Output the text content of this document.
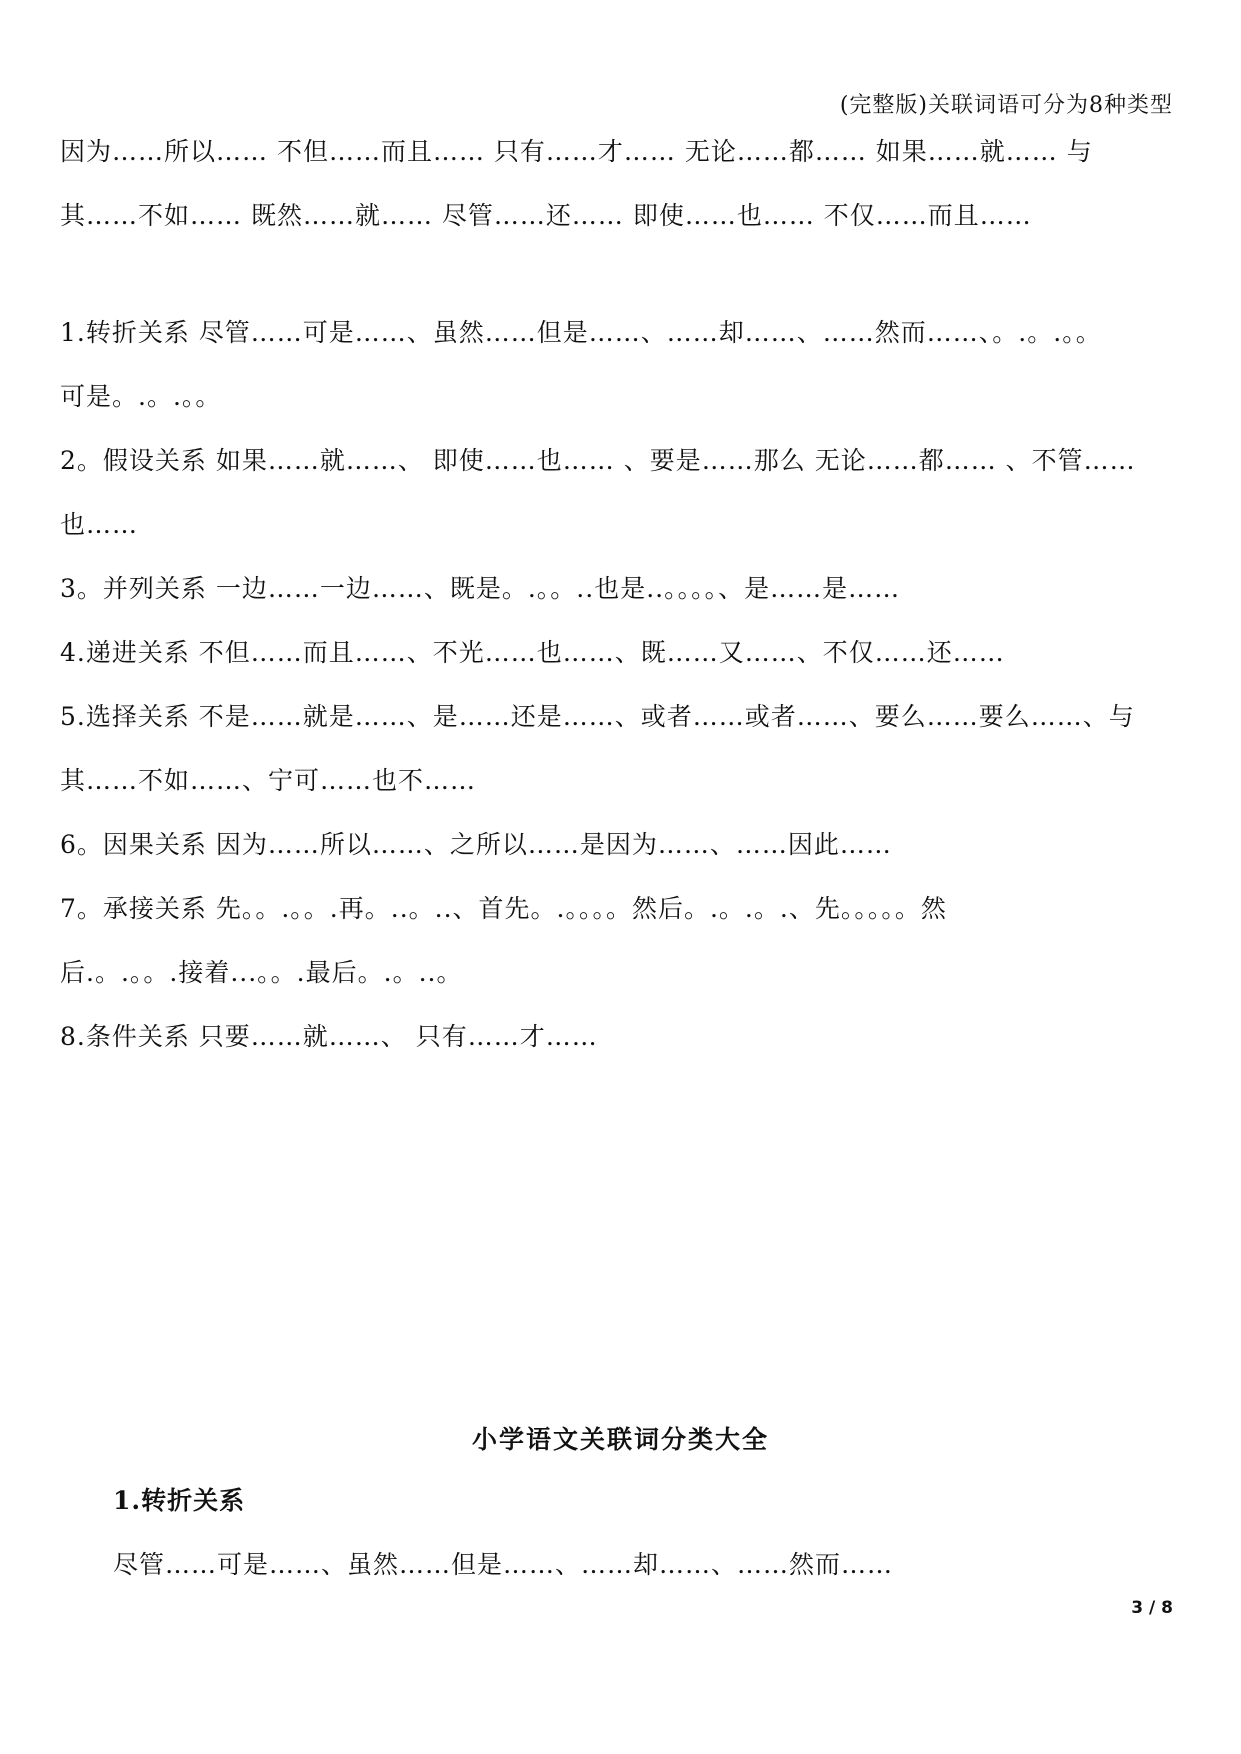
(完整版)关联词语可分为8种类型
因为……所以…… 不但……而且…… 只有……才…… 无论……都…… 如果……就…… 与
其……不如…… 既然……就…… 尽管……还…… 即使……也…… 不仅……而且……
1.转折关系 尽管……可是……、虽然……但是……、……却……、……然而……、。.。.。。
可是。.。.。。
2。假设关系 如果……就……、 即使……也…… 、要是……那么 无论……都…… 、不管……
也……
3。并列关系 一边……一边……、既是。.。。..也是..。。。。、是……是……
4.递进关系 不但……而且……、不光……也……、既……又……、不仅……还……
5.选择关系 不是……就是……、是……还是……、或者……或者……、要么……要么……、与
其……不如……、宁可……也不……
6。因果关系 因为……所以……、之所以……是因为……、……因此……
7。承接关系 先。。.。。.再。..。..、首先。.。。。。然后。.。.。.、先。。。。。然
后.。.。。.接着...。。.最后。.。..。
8.条件关系 只要……就……、 只有……才……
小学语文关联词分类大全
1.转折关系
尽管……可是……、虽然……但是……、……却……、……然而……
3 / 8
